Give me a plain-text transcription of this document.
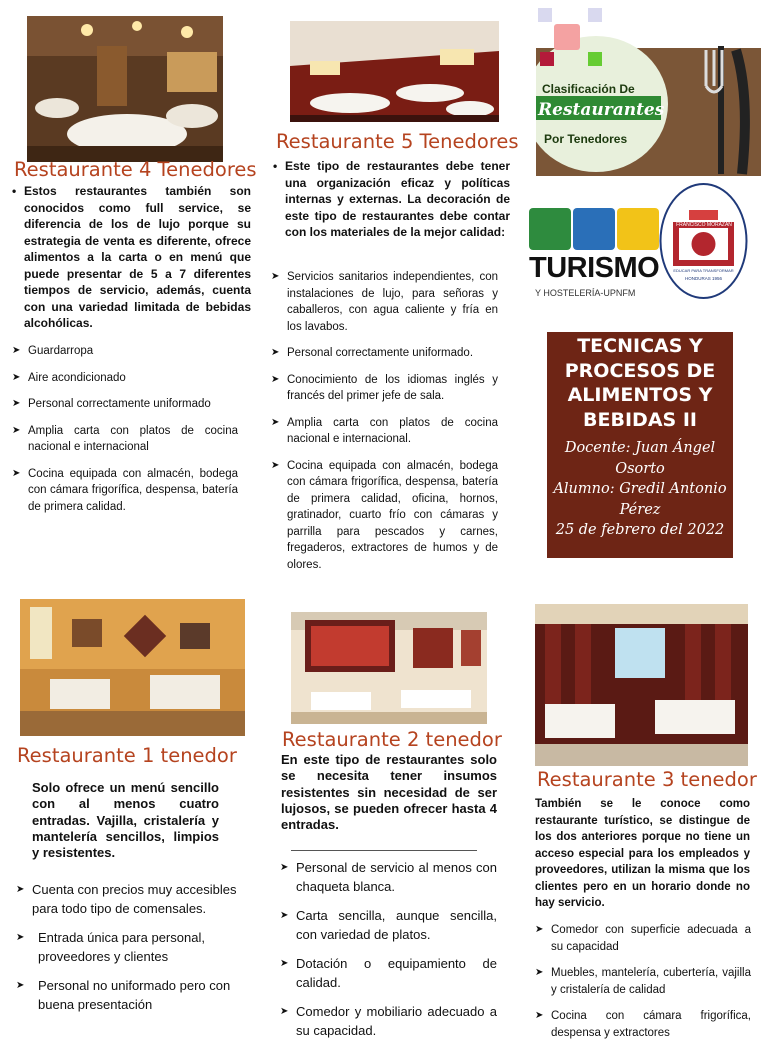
Restaurante 4 Tenedores
• Estos restaurantes también son conocidos como full service, se diferencia de los de lujo porque su estrategia de venta es diferente, ofrece alimentos a la carta o en menú que puede presentar de 5 a 7 diferentes tiempos de servicio, además, cuenta con una variedad limitada de bebidas alcohólicas.
➤ Guardarropa
➤ Aire acondicionado
➤ Personal correctamente uniformado
➤ Amplia carta con platos de cocina nacional e internacional
➤ Cocina equipada con almacén, bodega con cámara frigorífica, despensa, batería de primera calidad.
Restaurante 5 Tenedores
• Este tipo de restaurantes debe tener una organización eficaz y políticas internas y externas. La decoración de este tipo de restaurantes debe contar con los materiales de la mejor calidad:
➤ Servicios sanitarios independientes, con instalaciones de lujo, para señoras y caballeros, con agua caliente y fría en los lavabos.
➤ Personal correctamente uniformado.
➤ Conocimiento de los idiomas inglés y francés del primer jefe de sala.
➤ Amplia carta con platos de cocina nacional e internacional.
➤ Cocina equipada con almacén, bodega con cámara frigorífica, despensa, batería de primera calidad, oficina, hornos, gratinador, cuarto frío con cámaras y parrilla para pescados y carnes, fregaderos, extractores de humos y de olores.
Clasificación De
Restaurantes
Por Tenedores
TURISMO
Y HOSTELERÍA-UPNFM
FRANCISCO MORAZÁN
EDUCAR PARA TRANSFORMAR
HONDURAS 1956
TECNICAS Y PROCESOS DE ALIMENTOS Y BEBIDAS II
Docente: Juan Ángel Osorto
Alumno: Gredil Antonio Pérez
25 de febrero del 2022
Restaurante 1 tenedor
Solo ofrece un menú sencillo con al menos cuatro entradas. Vajilla, cristalería y mantelería sencillos, limpios y resistentes.
➤ Cuenta con precios muy accesibles para todo tipo de comensales.
➤ Entrada única para personal, proveedores y clientes
➤ Personal no uniformado pero con buena presentación
Restaurante 2 tenedor
En este tipo de restaurantes solo se necesita tener insumos resistentes sin necesidad de ser lujosos, se pueden ofrecer hasta 4 entradas.
➤ Personal de servicio al menos con chaqueta blanca.
➤ Carta sencilla, aunque sencilla, con variedad de platos.
➤ Dotación o equipamiento de calidad.
➤ Comedor y mobiliario adecuado a su capacidad.
Restaurante 3 tenedor
También se le conoce como restaurante turístico, se distingue de los dos anteriores porque no tiene un acceso especial para los empleados y proveedores, utilizan la misma que los clientes pero en un horario donde no hay servicio.
➤ Comedor con superficie adecuada a su capacidad
➤ Muebles, mantelería, cubertería, vajilla y cristalería de calidad
➤ Cocina con cámara frigorífica, despensa y extractores
